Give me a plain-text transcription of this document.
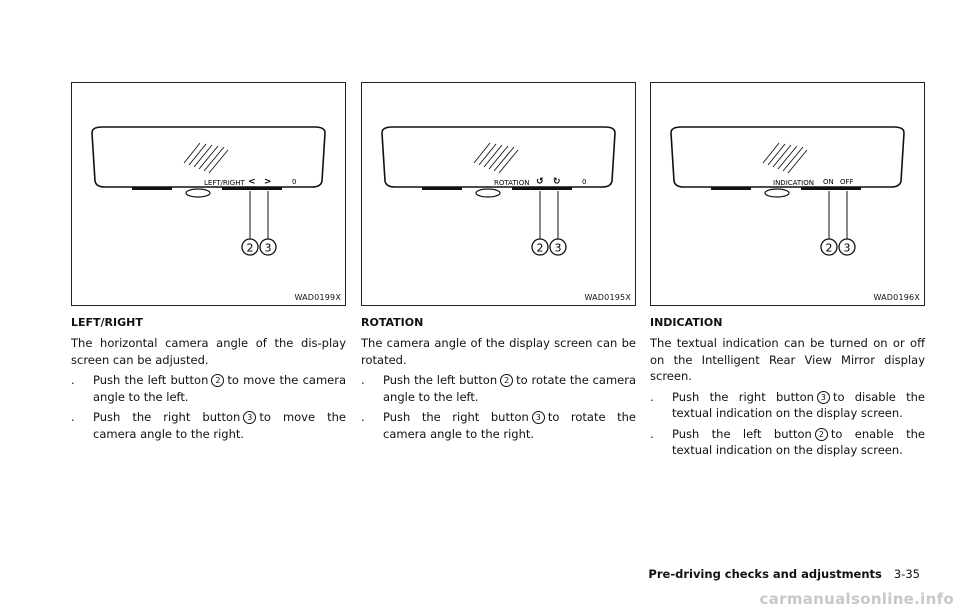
LEFT/RIGHT < >	0
2 3
WAD0199X
LEFT/RIGHT

The horizontal camera angle of the dis-play screen can be adjusted.

. Push the left button 2 to move the camera angle to the left.
. Push the right button 3 to move the camera angle to the right.
ROTATION ↺ ↻	0
2 3
WAD0195X
ROTATION

The camera angle of the display screen can be rotated.

. Push the left button 2 to rotate the camera angle to the left.
. Push the right button 3 to rotate the camera angle to the right.
INDICATION ON OFF
2 3
WAD0196X
INDICATION

The textual indication can be turned on or off on the Intelligent Rear View Mirror display screen.

. Push the right button 3 to disable the textual indication on the display screen.
. Push the left button 2 to enable the textual indication on the display screen.
Pre-driving checks and adjustments 3-35
carmanualsonline.info
